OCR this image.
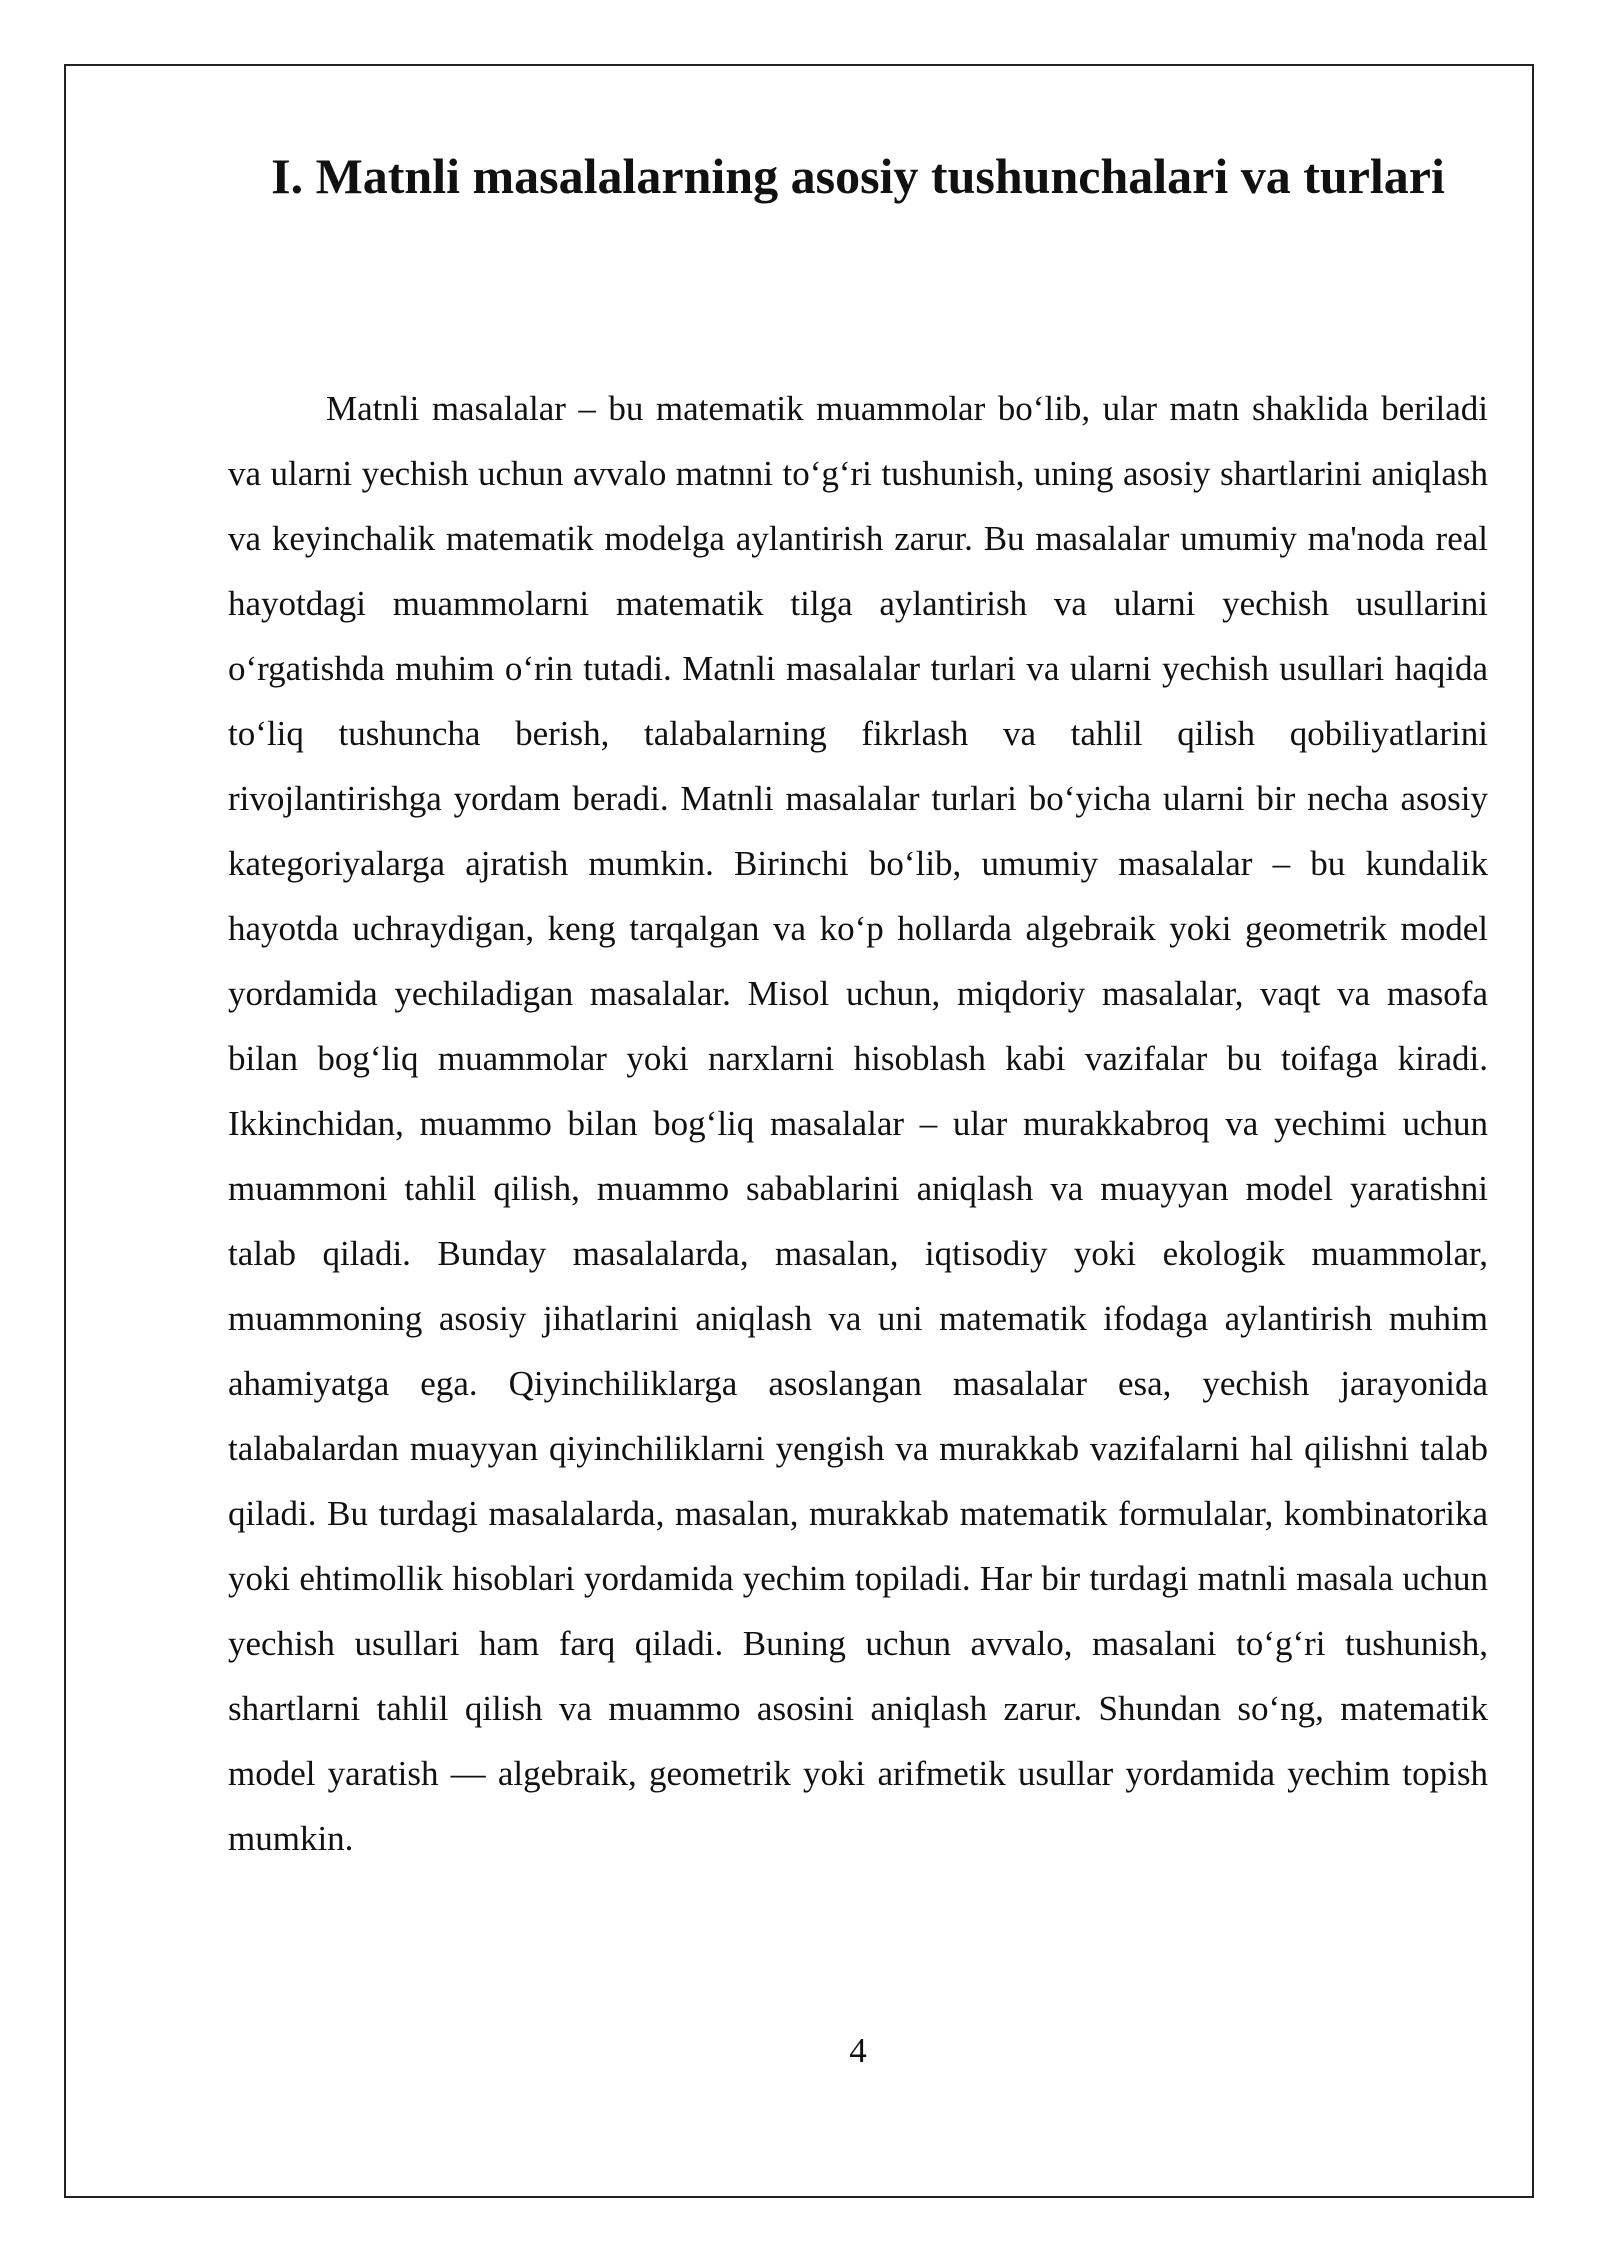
I. Matnli masalalarning asosiy tushunchalari va turlari

Matnli masalalar – bu matematik muammolar bo‘lib, ular matn shaklida beriladi va ularni yechish uchun avvalo matnni to‘g‘ri tushunish, uning asosiy shartlarini aniqlash va keyinchalik matematik modelga aylantirish zarur. Bu masalalar umumiy ma'noda real hayotdagi muammolarni matematik tilga aylantirish va ularni yechish usullarini o‘rgatishda muhim o‘rin tutadi. Matnli masalalar turlari va ularni yechish usullari haqida to‘liq tushuncha berish, talabalarning fikrlash va tahlil qilish qobiliyatlarini rivojlantirishga yordam beradi. Matnli masalalar turlari bo‘yicha ularni bir necha asosiy kategoriyalarga ajratish mumkin. Birinchi bo‘lib, umumiy masalalar – bu kundalik hayotda uchraydigan, keng tarqalgan va ko‘p hollarda algebraik yoki geometrik model yordamida yechiladigan masalalar. Misol uchun, miqdoriy masalalar, vaqt va masofa bilan bog‘liq muammolar yoki narxlarni hisoblash kabi vazifalar bu toifaga kiradi. Ikkinchidan, muammo bilan bog‘liq masalalar – ular murakkabroq va yechimi uchun muammoni tahlil qilish, muammo sabablarini aniqlash va muayyan model yaratishni talab qiladi. Bunday masalalarda, masalan, iqtisodiy yoki ekologik muammolar, muammoning asosiy jihatlarini aniqlash va uni matematik ifodaga aylantirish muhim ahamiyatga ega. Qiyinchiliklarga asoslangan masalalar esa, yechish jarayonida talabalardan muayyan qiyinchiliklarni yengish va murakkab vazifalarni hal qilishni talab qiladi. Bu turdagi masalalarda, masalan, murakkab matematik formulalar, kombinatorika yoki ehtimollik hisoblari yordamida yechim topiladi. Har bir turdagi matnli masala uchun yechish usullari ham farq qiladi. Buning uchun avvalo, masalani to‘g‘ri tushunish, shartlarni tahlil qilish va muammo asosini aniqlash zarur. Shundan so‘ng, matematik model yaratish — algebraik, geometrik yoki arifmetik usullar yordamida yechim topish mumkin.

4
